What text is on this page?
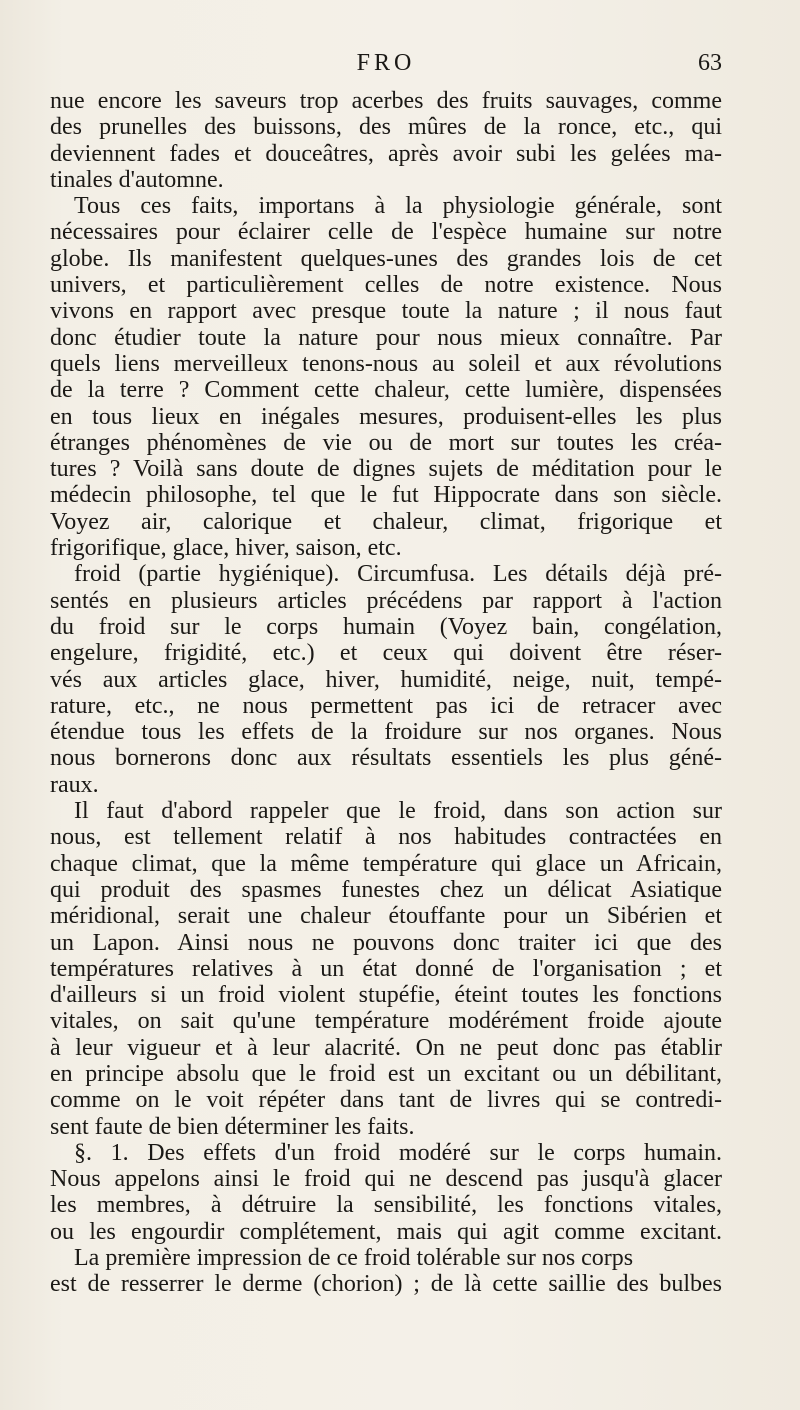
FRO	63
nue encore les saveurs trop acerbes des fruits sauvages, comme
des prunelles des buissons, des mûres de la ronce, etc., qui
deviennent fades et douceâtres, après avoir subi les gelées ma-
tinales d'automne.
Tous ces faits, importans à la physiologie générale, sont
nécessaires pour éclairer celle de l'espèce humaine sur notre
globe. Ils manifestent quelques-unes des grandes lois de cet
univers, et particulièrement celles de notre existence. Nous
vivons en rapport avec presque toute la nature ; il nous faut
donc étudier toute la nature pour nous mieux connaître. Par
quels liens merveilleux tenons-nous au soleil et aux révolutions
de la terre ? Comment cette chaleur, cette lumière, dispensées
en tous lieux en inégales mesures, produisent-elles les plus
étranges phénomènes de vie ou de mort sur toutes les créa-
tures ? Voilà sans doute de dignes sujets de méditation pour le
médecin philosophe, tel que le fut Hippocrate dans son siècle.
Voyez air, calorique et chaleur, climat, frigorique et
frigorifique, glace, hiver, saison, etc.
froid (partie hygiénique). Circumfusa. Les détails déjà pré-
sentés en plusieurs articles précédens par rapport à l'action
du froid sur le corps humain (Voyez bain, congélation,
engelure, frigidité, etc.) et ceux qui doivent être réser-
vés aux articles glace, hiver, humidité, neige, nuit, tempé-
rature, etc., ne nous permettent pas ici de retracer avec
étendue tous les effets de la froidure sur nos organes. Nous
nous bornerons donc aux résultats essentiels les plus géné-
raux.
Il faut d'abord rappeler que le froid, dans son action sur
nous, est tellement relatif à nos habitudes contractées en
chaque climat, que la même température qui glace un Africain,
qui produit des spasmes funestes chez un délicat Asiatique
méridional, serait une chaleur étouffante pour un Sibérien et
un Lapon. Ainsi nous ne pouvons donc traiter ici que des
températures relatives à un état donné de l'organisation ; et
d'ailleurs si un froid violent stupéfie, éteint toutes les fonctions
vitales, on sait qu'une température modérément froide ajoute
à leur vigueur et à leur alacrité. On ne peut donc pas établir
en principe absolu que le froid est un excitant ou un débilitant,
comme on le voit répéter dans tant de livres qui se contredi-
sent faute de bien déterminer les faits.
§. 1. Des effets d'un froid modéré sur le corps humain.
Nous appelons ainsi le froid qui ne descend pas jusqu'à glacer
les membres, à détruire la sensibilité, les fonctions vitales,
ou les engourdir complétement, mais qui agit comme excitant.
La première impression de ce froid tolérable sur nos corps
est de resserrer le derme (chorion) ; de là cette saillie des bulbes
